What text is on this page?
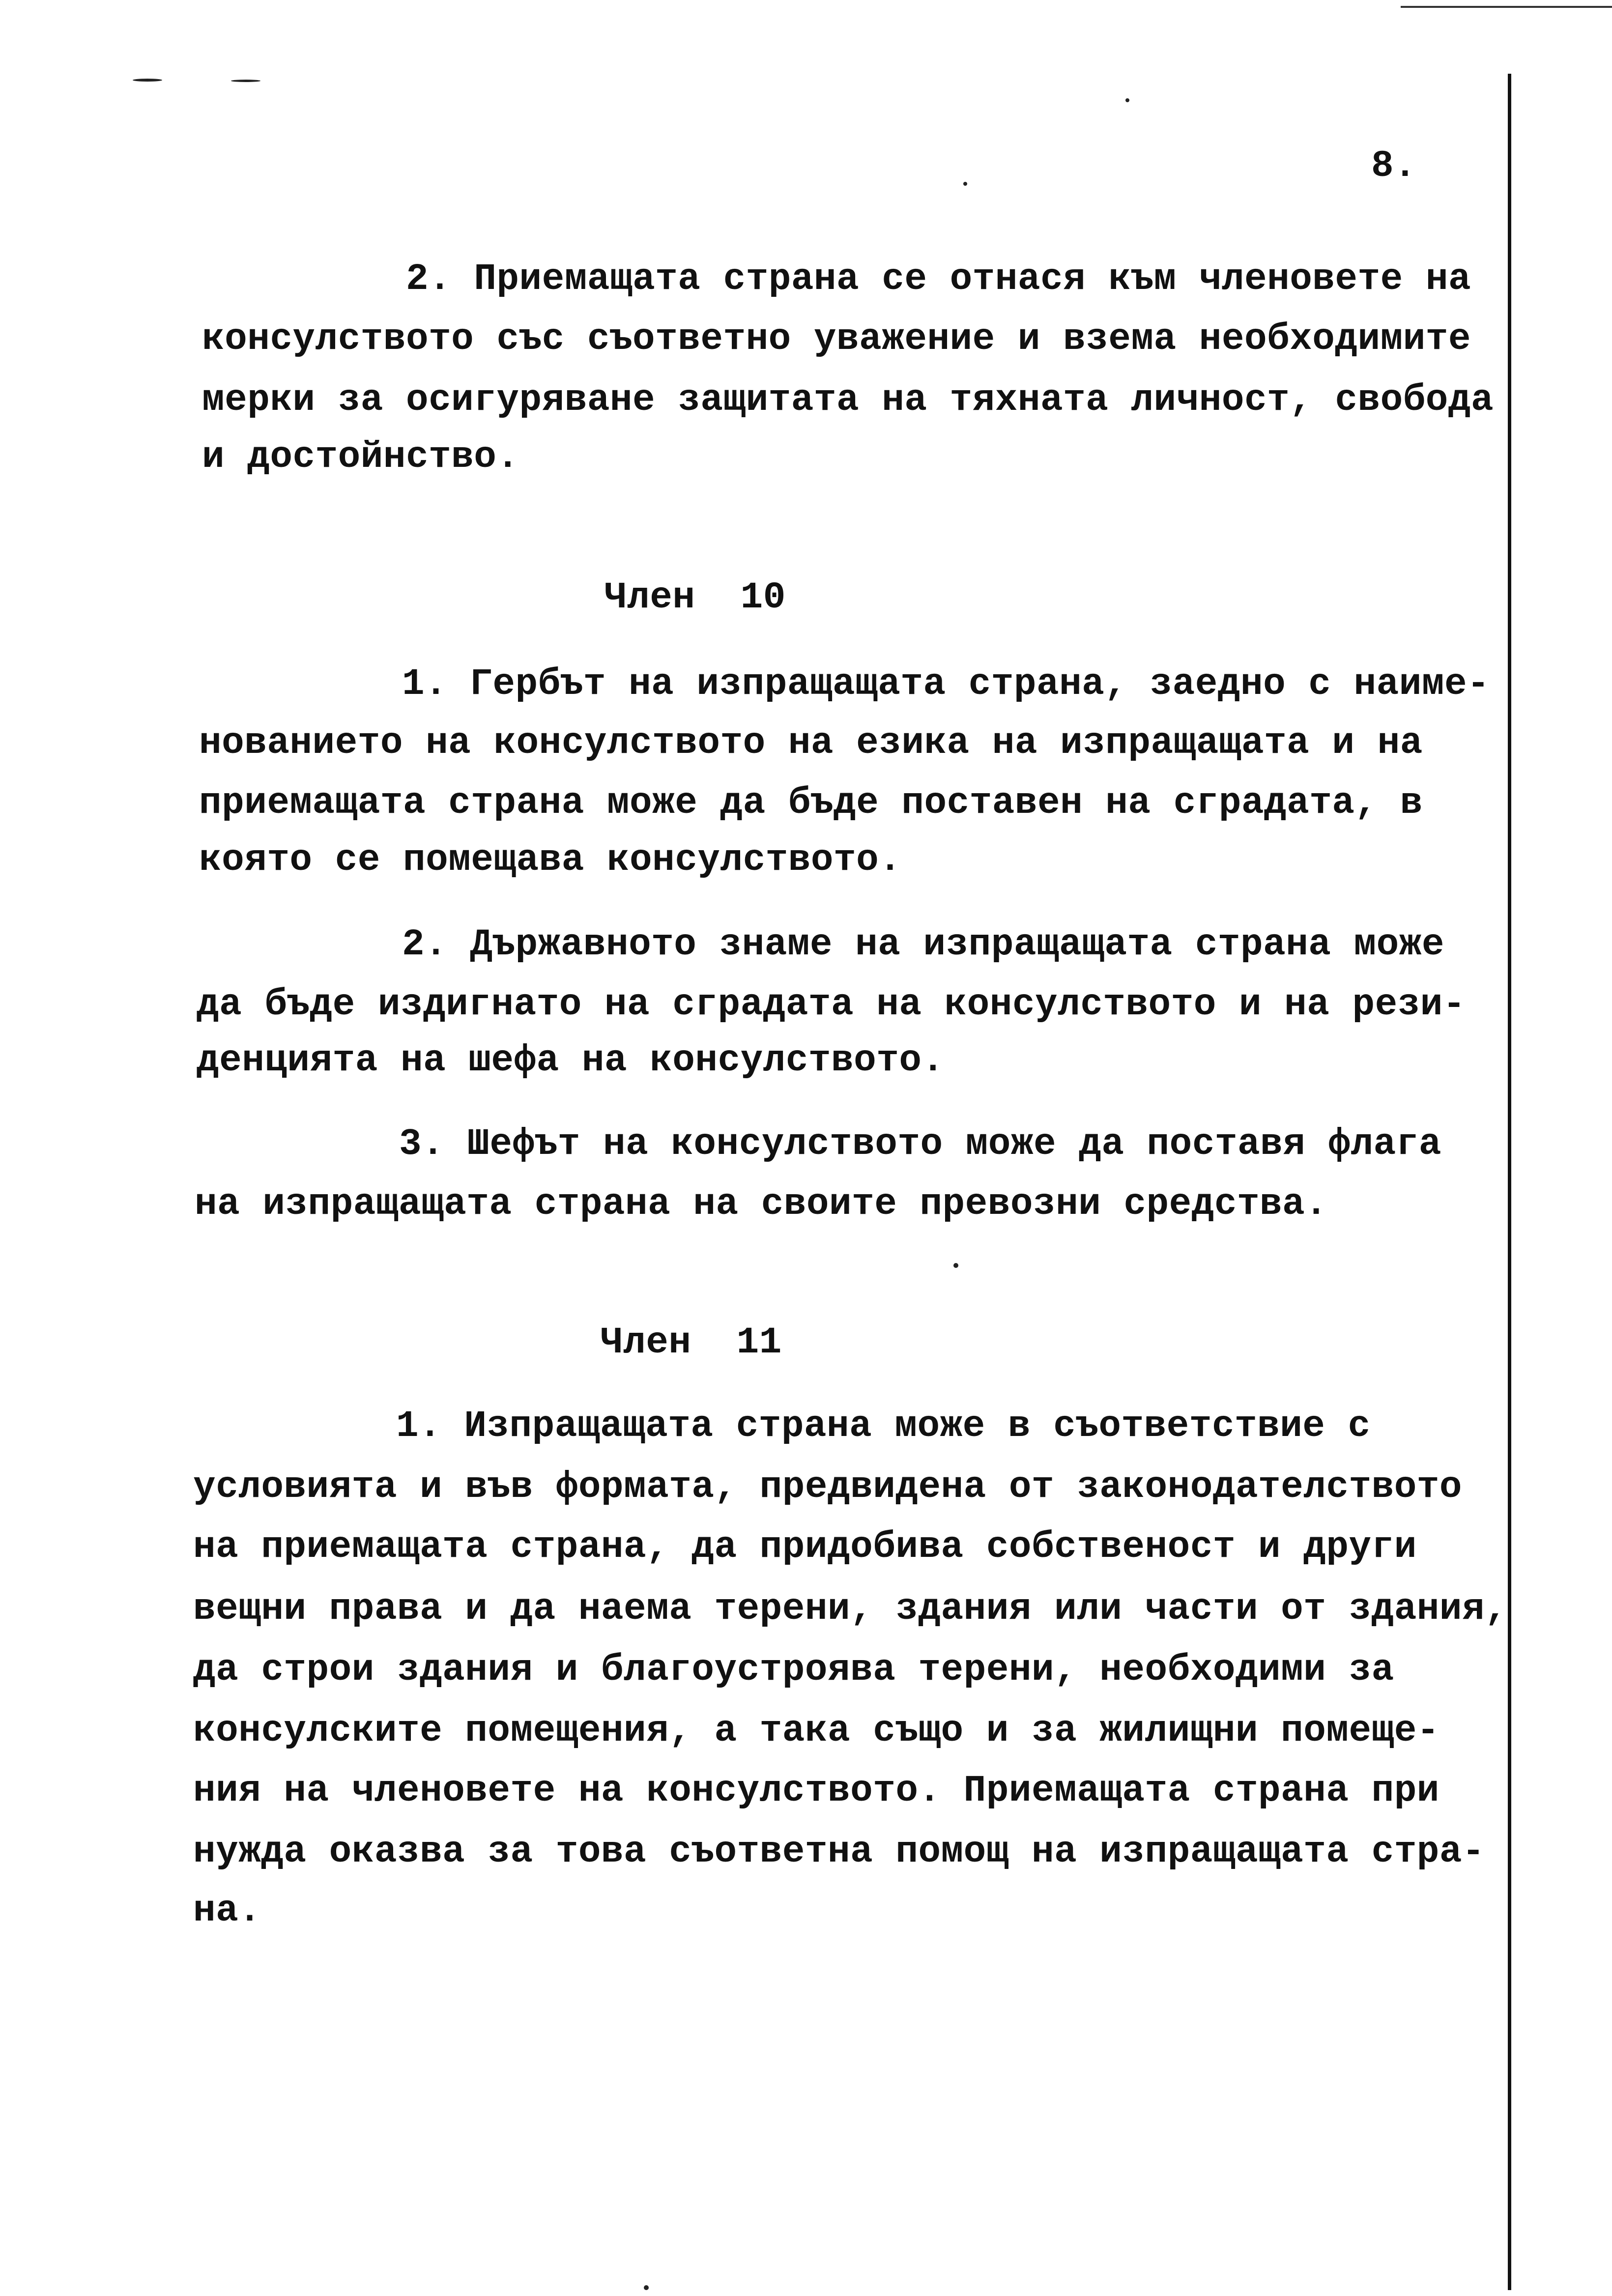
8.
2. Приемащата страна се отнася към членовете на
консулството със съответно уважение и взема необходимите
мерки за осигуряване защитата на тяхната личност, свобода
и достойнство.
Член  10
1. Гербът на изпращащата страна, заедно с наиме-
нованието на консулството на езика на изпращащата и на
приемащата страна може да бъде поставен на сградата, в
която се помещава консулството.
2. Държавното знаме на изпращащата страна може
да бъде издигнато на сградата на консулството и на рези-
денцията на шефа на консулството.
3. Шефът на консулството може да поставя флага
на изпращащата страна на своите превозни средства.
Член  11
1. Изпращащата страна може в съответствие с
условията и във формата, предвидена от законодателството
на приемащата страна, да придобива собственост и други
вещни права и да наема терени, здания или части от здания,
да строи здания и благоустроява терени, необходими за
консулските помещения, а така също и за жилищни помеще-
ния на членовете на консулството. Приемащата страна при
нужда оказва за това съответна помощ на изпращащата стра-
на.
